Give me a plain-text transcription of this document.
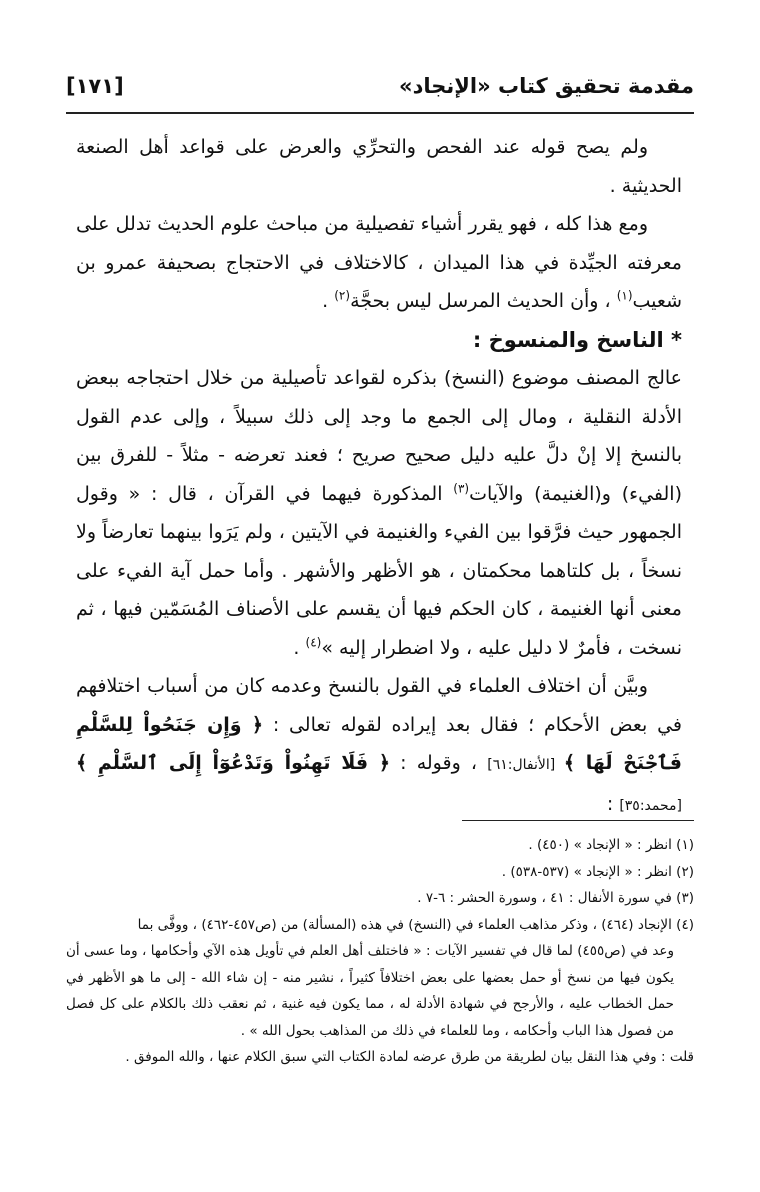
مقدمة تحقيق كتاب «الإنجاد»
[١٧١]

ولم يصح قوله عند الفحص والتحرِّي والعرض على قواعد أهل الصنعة الحديثية .

ومع هذا كله ، فهو يقرر أشياء تفصيلية من مباحث علوم الحديث تدلل على معرفته الجيِّدة في هذا الميدان ، كالاختلاف في الاحتجاج بصحيفة عمرو بن شعيب$^{(١)}$ ، وأن الحديث المرسل ليس بحجَّة$^{(٢)}$ .

* الناسخ والمنسوخ :

عالج المصنف موضوع (النسخ) بذكره لقواعد تأصيلية من خلال احتجاجه ببعض الأدلة النقلية ، ومال إلى الجمع ما وجد إلى ذلك سبيلاً ، وإلى عدم القول بالنسخ إلا إنْ دلَّ عليه دليل صحيح صريح ؛ فعند تعرضه - مثلاً - للفرق بين (الفيء) و(الغنيمة) والآيات$^{(٣)}$ المذكورة فيهما في القرآن ، قال : « وقول الجمهور حيث فرَّقوا بين الفيء والغنيمة في الآيتين ، ولم يَرَوا بينهما تعارضاً ولا نسخاً ، بل كلتاهما محكمتان ، هو الأظهر والأشهر . وأما حمل آية الفيء على معنى أنها الغنيمة ، كان الحكم فيها أن يقسم على الأصناف المُسَمّين فيها ، ثم نسخت ، فأمرٌ لا دليل عليه ، ولا اضطرار إليه »$^{(٤)}$ .

وبيَّن أن اختلاف العلماء في القول بالنسخ وعدمه كان من أسباب اختلافهم في بعض الأحكام ؛ فقال بعد إيراده لقوله تعالى : ﴿ وَإِن جَنَحُواْ لِلسَّلْمِ فَٱجْنَحْ لَهَا ﴾ [الأنفال:٦١] ، وقوله : ﴿ فَلَا تَهِنُواْ وَتَدْعُوٓاْ إِلَى ٱلسَّلْمِ ﴾ [محمد:٣٥] :

(١) انظر : « الإنجاد » (٤٥٠) .

(٢) انظر : « الإنجاد » (٥٣٧-٥٣٨) .

(٣) في سورة الأنفال : ٤١ ، وسورة الحشر : ٦-٧ .

(٤) الإنجاد (٤٦٤) ، وذكر مذاهب العلماء في (النسخ) في هذه (المسألة) من (ص٤٥٧-٤٦٢) ، ووفَّى بما

وعد في (ص٤٥٥) لما قال في تفسير الآيات : « فاختلف أهل العلم في تأويل هذه الآي وأحكامها ، وما عسى أن يكون فيها من نسخ أو حمل بعضها على بعض اختلافاً كثيراً ، نشير منه - إن شاء الله - إلى ما هو الأظهر في حمل الخطاب عليه ، والأرجح في شهادة الأدلة له ، مما يكون فيه غنية ، ثم نعقب ذلك بالكلام على كل فصل من فصول هذا الباب وأحكامه ، وما للعلماء في ذلك من المذاهب بحول الله » .

قلت : وفي هذا النقل بيان لطريقة من طرق عرضه لمادة الكتاب التي سبق الكلام عنها ، والله الموفق .
